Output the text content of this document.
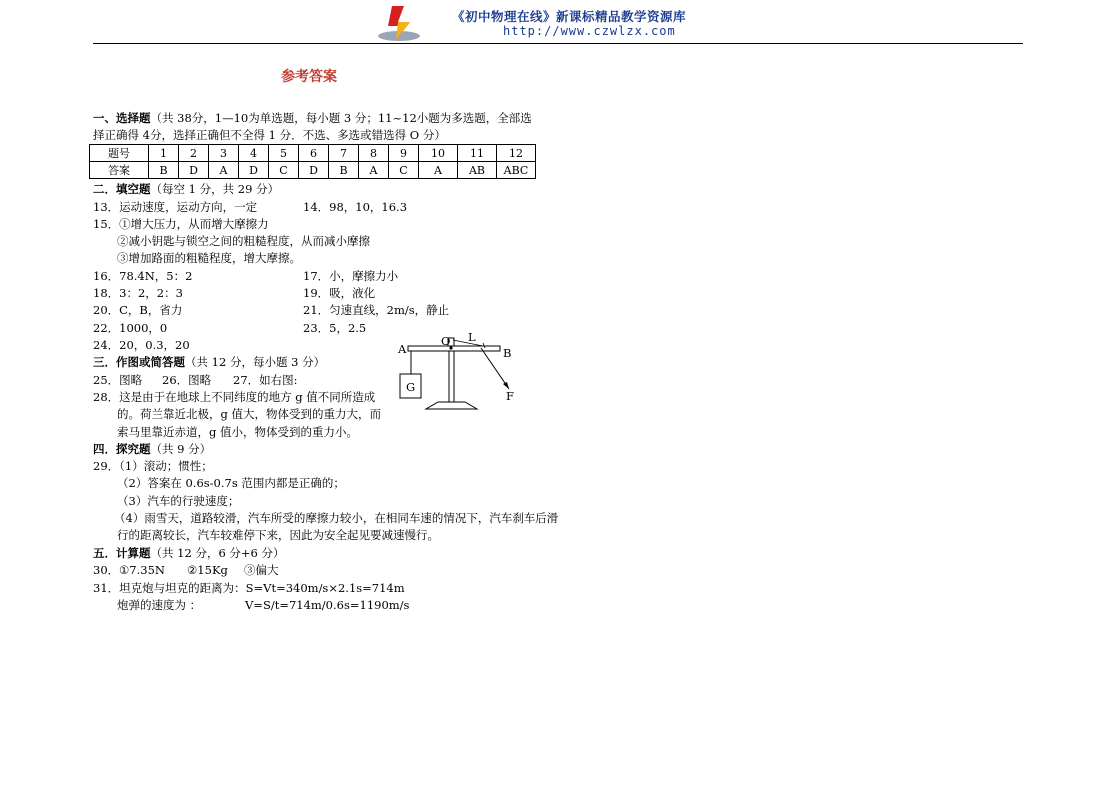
《初中物理在线》新课标精品教学资源库
http://www.czwlzx.com
参考答案
一、选择题（共 38分，1—10为单选题，每小题 3 分；11~12小题为多选题，全部选
择正确得 4分，选择正确但不全得 1 分．不选、多选或错选得 O 分）
题号	1	2	3	4	5	6	7	8	9	10	11	12
答案	B	D	A	D	C	D	B	A	C	A	AB	ABC
二．填空题（每空 1 分，共 29 分）
13．运动速度，运动方向，一定	14．98，10，16.3
15．①增大压力，从而增大摩擦力
②减小钥匙与锁空之间的粗糙程度，从而减小摩擦
③增加路面的粗糙程度，增大摩擦。
16．78.4N，5：2	17．小，摩擦力小
18．3：2，2：3	19．吸，液化
20．C，B，省力	21．匀速直线，2m/s，静止
22．1000，0	23．5，2.5
24．20，0.3，20
三．作图或简答题（共 12 分，每小题 3 分）
25．图略 26．图略 27．如右图:
28．这是由于在地球上不同纬度的地方 g 值不同所造成
的。荷兰靠近北极，g 值大，物体受到的重力大，而
索马里靠近赤道，g 值小，物体受到的重力小。
A
O L
B
G
F
四．探究题（共 9 分）
29．（1）滚动；惯性；
（2）答案在 0.6s-0.7s 范围内都是正确的；
（3）汽车的行驶速度；
（4）雨雪天，道路较滑，汽车所受的摩擦力较小，在相同车速的情况下，汽车刹车后滑
行的距离较长，汽车较难停下来，因此为安全起见要减速慢行。
五．计算题（共 12 分，6 分+6 分）
30． ①7.35N ②15Kg ③偏大
31．坦克炮与坦克的距离为：S=Vt=340m/s×2.1s=714m
炮弹的速度为 ：	V=S/t=714m/0.6s=1190m/s
